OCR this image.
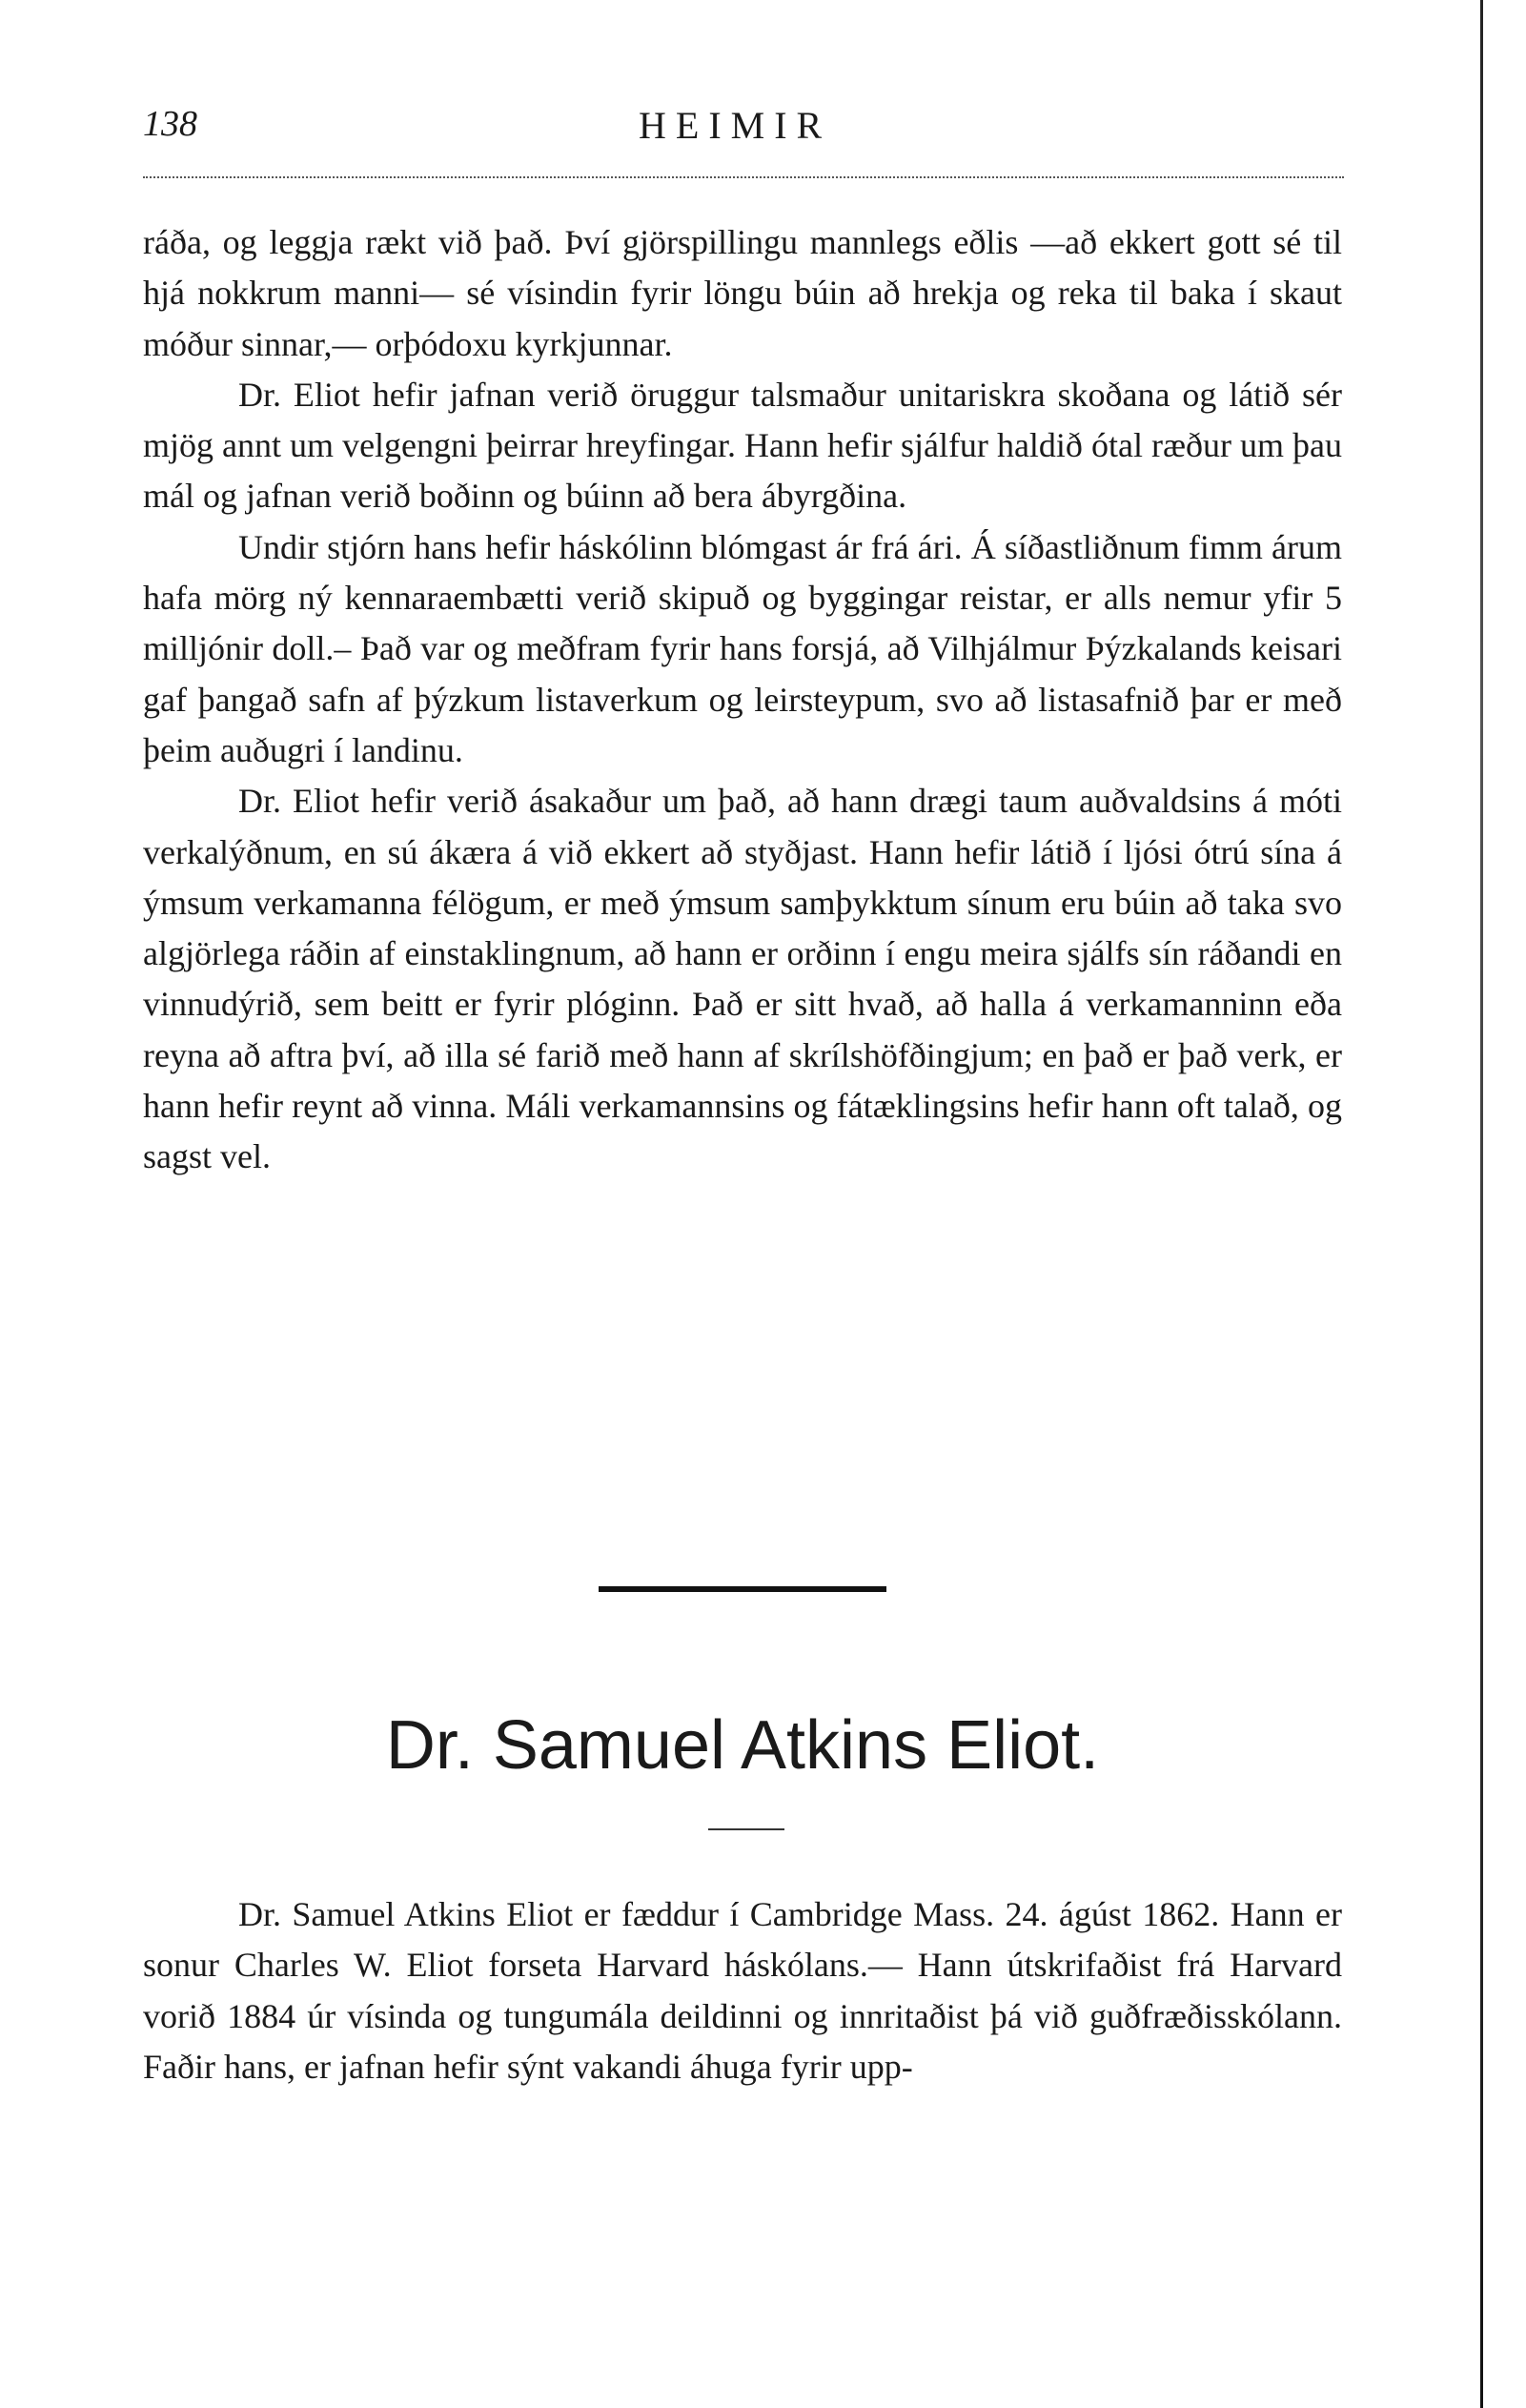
138	HEIMIR

ráða, og leggja rækt við það. Því gjörspillingu mannlegs eðlis —að ekkert gott sé til hjá nokkrum manni— sé vísindin fyrir löngu búin að hrekja og reka til baka í skaut móður sinnar,— orþódoxu kyrkjunnar.

Dr. Eliot hefir jafnan verið öruggur talsmaður unitariskra skoðana og látið sér mjög annt um velgengni þeirrar hreyfingar. Hann hefir sjálfur haldið ótal ræður um þau mál og jafnan verið boðinn og búinn að bera ábyrgðina.

Undir stjórn hans hefir háskólinn blómgast ár frá ári. Á síðastliðnum fimm árum hafa mörg ný kennaraembætti verið skipuð og byggingar reistar, er alls nemur yfir 5 milljónir doll.– Það var og meðfram fyrir hans forsjá, að Vilhjálmur Þýzkalands keisari gaf þangað safn af þýzkum listaverkum og leirsteypum, svo að listasafnið þar er með þeim auðugri í landinu.

Dr. Eliot hefir verið ásakaður um það, að hann drægi taum auðvaldsins á móti verkalýðnum, en sú ákæra á við ekkert að styðjast. Hann hefir látið í ljósi ótrú sína á ýmsum verkamanna félögum, er með ýmsum samþykktum sínum eru búin að taka svo algjörlega ráðin af einstaklingnum, að hann er orðinn í engu meira sjálfs sín ráðandi en vinnudýrið, sem beitt er fyrir plóginn. Það er sitt hvað, að halla á verkamanninn eða reyna að aftra því, að illa sé farið með hann af skrílshöfðingjum; en það er það verk, er hann hefir reynt að vinna. Máli verkamannsins og fátæklingsins hefir hann oft talað, og sagst vel.

Dr. Samuel Atkins Eliot.

Dr. Samuel Atkins Eliot er fæddur í Cambridge Mass. 24. ágúst 1862. Hann er sonur Charles W. Eliot forseta Harvard háskólans.— Hann útskrifaðist frá Harvard vorið 1884 úr vísinda og tungumála deildinni og innritaðist þá við guðfræðisskólann. Faðir hans, er jafnan hefir sýnt vakandi áhuga fyrir upp-
